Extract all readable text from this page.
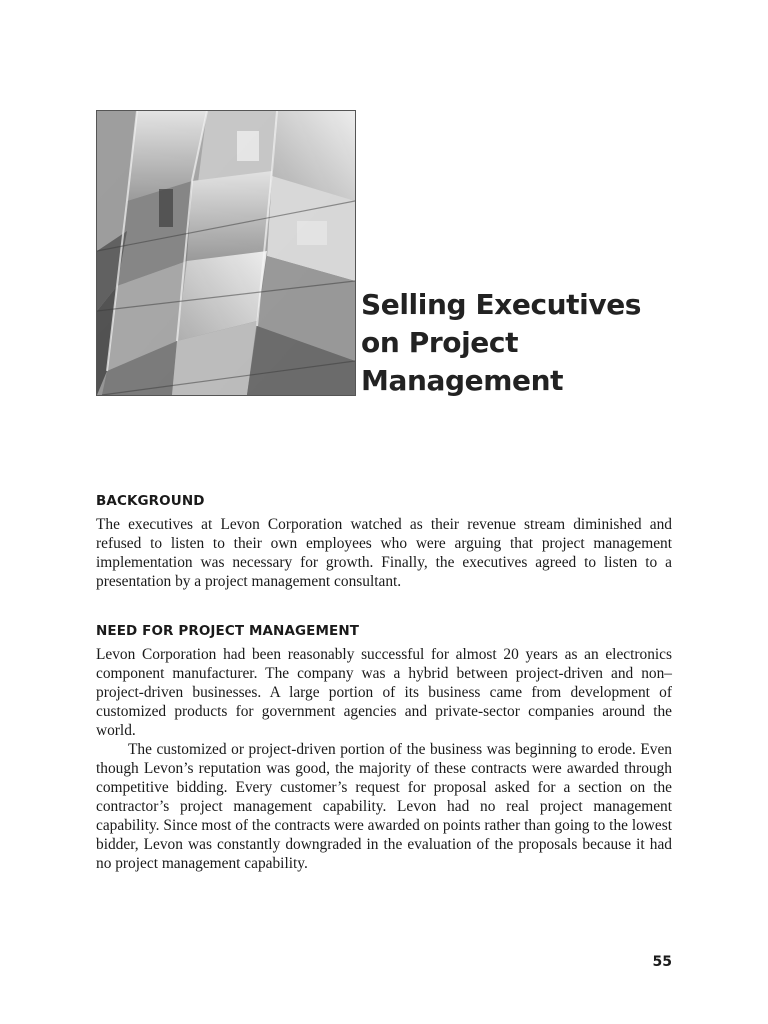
Selling Executives
on Project
Management
BACKGROUND

The executives at Levon Corporation watched as their revenue stream diminished and refused to listen to their own employees who were arguing that project management implementation was necessary for growth. Finally, the executives agreed to listen to a presentation by a project management consultant.

NEED FOR PROJECT MANAGEMENT

Levon Corporation had been reasonably successful for almost 20 years as an electronics component manufacturer. The company was a hybrid between project-driven and non–project-driven businesses. A large portion of its business came from development of customized products for government agencies and private-sector companies around the world.

The customized or project-driven portion of the business was beginning to erode. Even though Levon’s reputation was good, the majority of these contracts were awarded through competitive bidding. Every customer’s request for proposal asked for a section on the contractor’s project management capability. Levon had no real project management capability. Since most of the contracts were awarded on points rather than going to the lowest bidder, Levon was constantly downgraded in the evaluation of the proposals because it had no project management capability.

55
